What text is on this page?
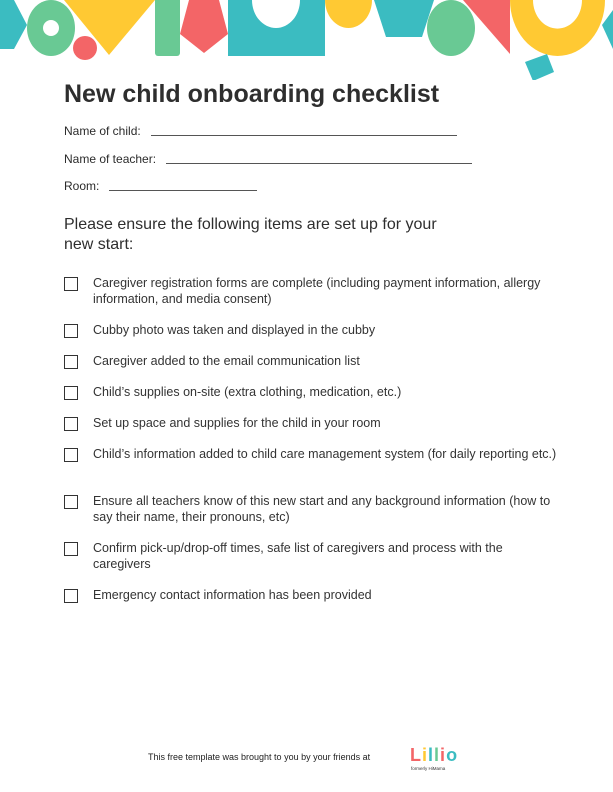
New child onboarding checklist
Name of child:
Name of teacher:
Room:
Please ensure the following items are set up for your new start:
Caregiver registration forms are complete (including payment information, allergy information, and media consent)
Cubby photo was taken and displayed in the cubby
Caregiver added to the email communication list
Child’s supplies on-site (extra clothing, medication, etc.)
Set up space and supplies for the child in your room
Child’s information added to child care management system (for daily reporting etc.)
Ensure all teachers know of this new start and any background information (how to say their name, their pronouns, etc)
Confirm pick-up/drop-off times, safe list of caregivers and process with the caregivers
Emergency contact information has been provided
This free template was brought to you by your friends at Lillio
formerly HiMama
